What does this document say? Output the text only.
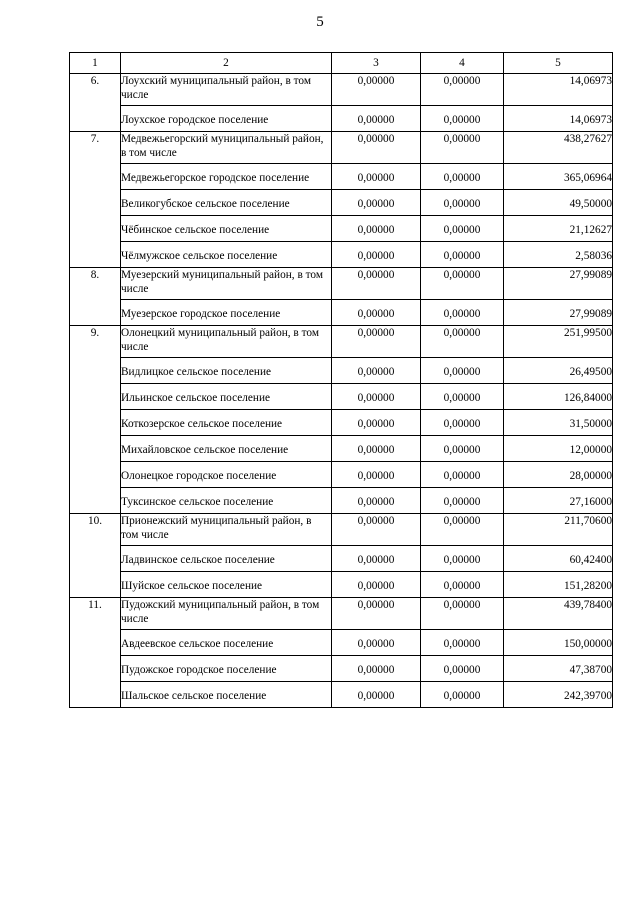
5
1	2	3	4	5
6.	Лоухский муниципальный район, в том числе	0,00000	0,00000	14,06973
	Лоухское городское поселение	0,00000	0,00000	14,06973
7.	Медвежьегорский муниципальный район, в том числе	0,00000	0,00000	438,27627
	Медвежьегорское городское поселение	0,00000	0,00000	365,06964
	Великогубское сельское поселение	0,00000	0,00000	49,50000
	Чёбинское сельское поселение	0,00000	0,00000	21,12627
	Чёлмужское сельское поселение	0,00000	0,00000	2,58036
8.	Муезерский муниципальный район, в том числе	0,00000	0,00000	27,99089
	Муезерское городское поселение	0,00000	0,00000	27,99089
9.	Олонецкий муниципальный район, в том числе	0,00000	0,00000	251,99500
	Видлицкое сельское поселение	0,00000	0,00000	26,49500
	Ильинское сельское поселение	0,00000	0,00000	126,84000
	Коткозерское сельское поселение	0,00000	0,00000	31,50000
	Михайловское сельское поселение	0,00000	0,00000	12,00000
	Олонецкое городское поселение	0,00000	0,00000	28,00000
	Туксинское сельское поселение	0,00000	0,00000	27,16000
10.	Прионежский муниципальный район, в том числе	0,00000	0,00000	211,70600
	Ладвинское сельское поселение	0,00000	0,00000	60,42400
	Шуйское сельское поселение	0,00000	0,00000	151,28200
11.	Пудожский муниципальный район, в том числе	0,00000	0,00000	439,78400
	Авдеевское сельское поселение	0,00000	0,00000	150,00000
	Пудожское городское поселение	0,00000	0,00000	47,38700
	Шальское сельское поселение	0,00000	0,00000	242,39700
